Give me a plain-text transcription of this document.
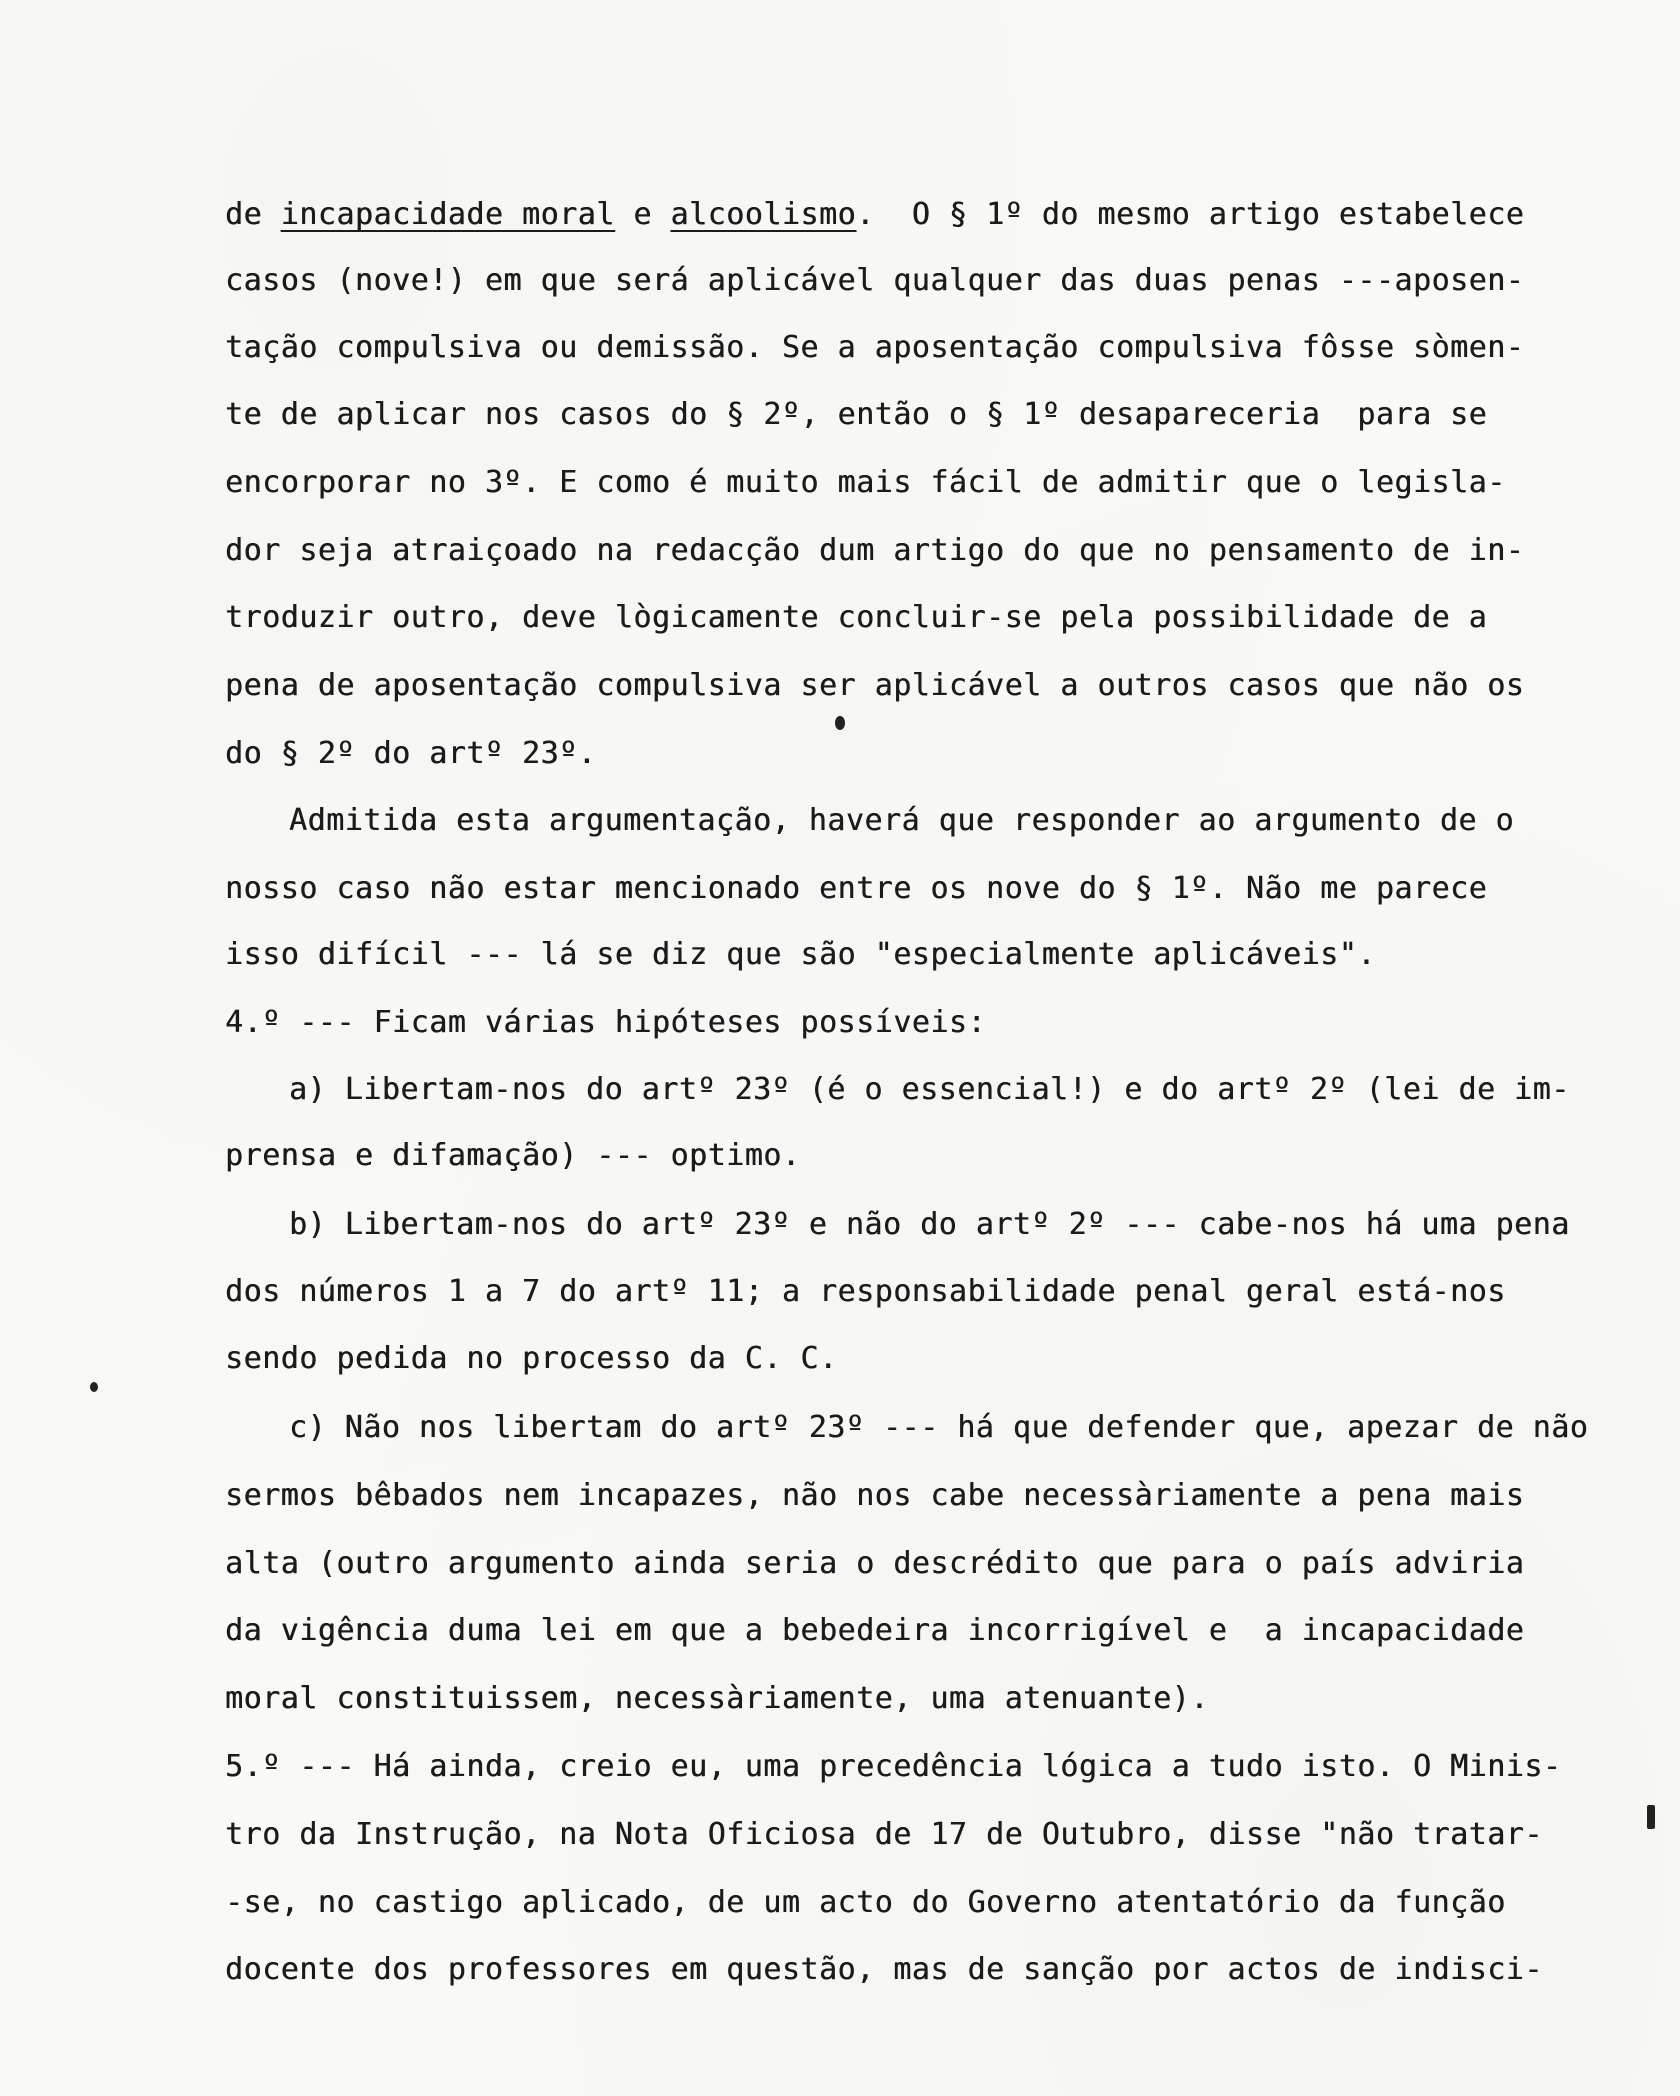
de incapacidade moral e alcoolismo.  O § 1º do mesmo artigo estabelece
casos (nove!) em que será aplicável qualquer das duas penas ---aposen-
tação compulsiva ou demissão. Se a aposentação compulsiva fôsse sòmen-
te de aplicar nos casos do § 2º, então o § 1º desapareceria  para se
encorporar no 3º. E como é muito mais fácil de admitir que o legisla-
dor seja atraiçoado na redacção dum artigo do que no pensamento de in-
troduzir outro, deve lògicamente concluir-se pela possibilidade de a
pena de aposentação compulsiva ser aplicável a outros casos que não os
do § 2º do artº 23º.
Admitida esta argumentação, haverá que responder ao argumento de o
nosso caso não estar mencionado entre os nove do § 1º. Não me parece
isso difícil --- lá se diz que são "especialmente aplicáveis".
4.º --- Ficam várias hipóteses possíveis:
a) Libertam-nos do artº 23º (é o essencial!) e do artº 2º (lei de im-
prensa e difamação) --- optimo.
b) Libertam-nos do artº 23º e não do artº 2º --- cabe-nos há uma pena
dos números 1 a 7 do artº 11; a responsabilidade penal geral está-nos
sendo pedida no processo da C. C.
c) Não nos libertam do artº 23º --- há que defender que, apezar de não
sermos bêbados nem incapazes, não nos cabe necessàriamente a pena mais
alta (outro argumento ainda seria o descrédito que para o país adviria
da vigência duma lei em que a bebedeira incorrigível e  a incapacidade
moral constituissem, necessàriamente, uma atenuante).
5.º --- Há ainda, creio eu, uma precedência lógica a tudo isto. O Minis-
tro da Instrução, na Nota Oficiosa de 17 de Outubro, disse "não tratar-
-se, no castigo aplicado, de um acto do Governo atentatório da função
docente dos professores em questão, mas de sanção por actos de indisci-
